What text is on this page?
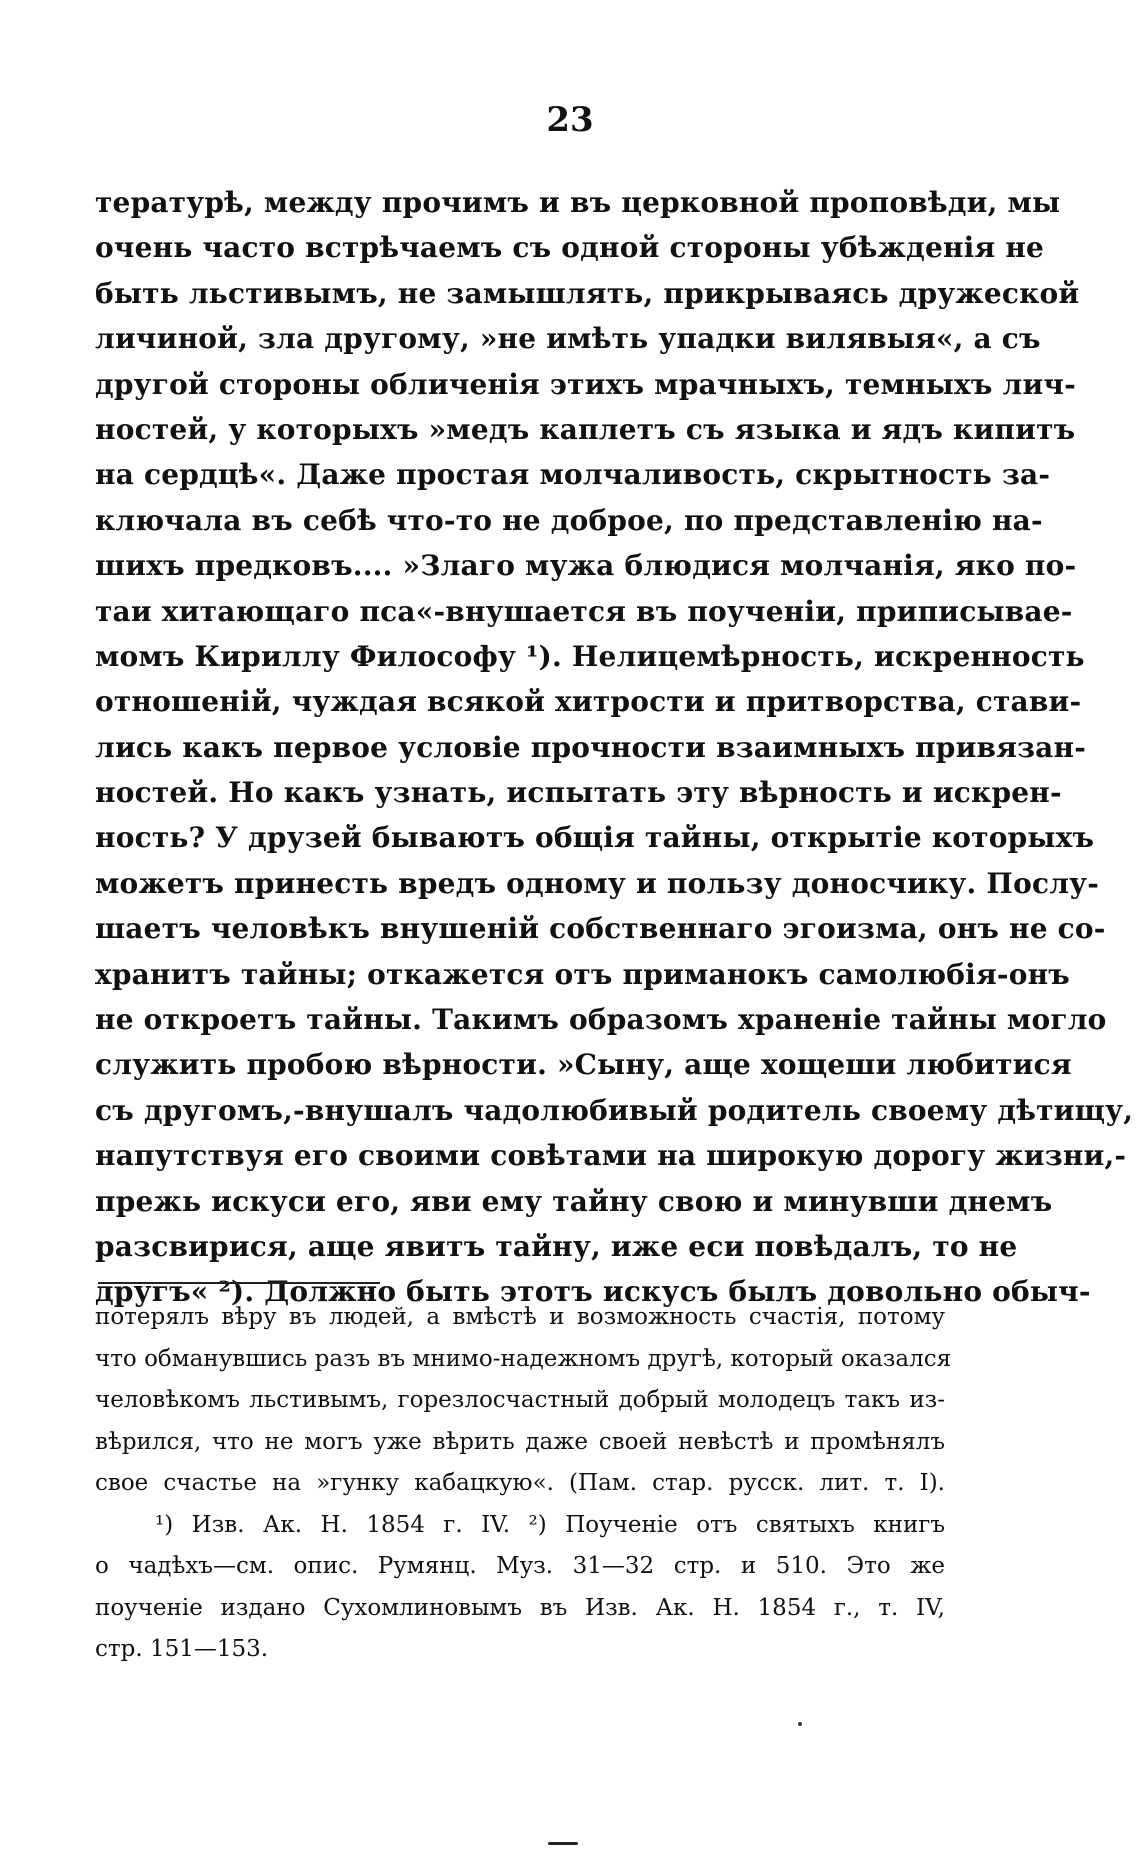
23
тературѣ, между прочимъ и въ церковной проповѣди, мы
очень часто встрѣчаемъ съ одной стороны убѣжденія не
быть льстивымъ, не замышлять, прикрываясь дружеской
личиной, зла другому, »не имѣть упадки вилявыя«, а съ
другой стороны обличенія этихъ мрачныхъ, темныхъ лич-
ностей, у которыхъ »медъ каплетъ съ языка и ядъ кипитъ
на сердцѣ«. Даже простая молчаливость, скрытность за-
ключала въ себѣ что-то не доброе, по представленію на-
шихъ предковъ.... »Злаго мужа блюдися молчанія, яко по-
таи хитающаго пса«-внушается въ поученіи, приписывае-
момъ Кириллу Философу ¹). Нелицемѣрность, искренность
отношеній, чуждая всякой хитрости и притворства, стави-
лись какъ первое условіе прочности взаимныхъ привязан-
ностей. Но какъ узнать, испытать эту вѣрность и искрен-
ность? У друзей бываютъ общія тайны, открытіе которыхъ
можетъ принесть вредъ одному и пользу доносчику. Послу-
шаетъ человѣкъ внушеній собственнаго эгоизма, онъ не со-
хранитъ тайны; откажется отъ приманокъ самолюбія-онъ
не откроетъ тайны. Такимъ образомъ храненіе тайны могло
служить пробою вѣрности. »Сыну, аще хощеши любитися
съ другомъ,-внушалъ чадолюбивый родитель своему дѣтищу,
напутствуя его своими совѣтами на широкую дорогу жизни,-
прежь искуси его, яви ему тайну свою и минувши днемъ
разсвирися, аще явитъ тайну, иже еси повѣдалъ, то не
другъ« ²). Должно быть этотъ искусъ былъ довольно обыч-
потерялъ вѣру въ людей, а вмѣстѣ и возможность счастія, потому
что обманувшись разъ въ мнимо-надежномъ другѣ, который оказался
человѣкомъ льстивымъ, горезлосчастный добрый молодецъ такъ из-
вѣрился, что не могъ уже вѣрить даже своей невѣстѣ и промѣнялъ
свое счастье на »гунку кабацкую«. (Пам. стар. русск. лит. т. I).
¹) Изв. Ак. Н. 1854 г. IV. ²) Поученіе отъ святыхъ книгъ
о чадѣхъ—см. опис. Румянц. Муз. 31—32 стр. и 510. Это же
поученіе издано Сухомлиновымъ въ Изв. Ак. Н. 1854 г., т. IV,
стр. 151—153.
